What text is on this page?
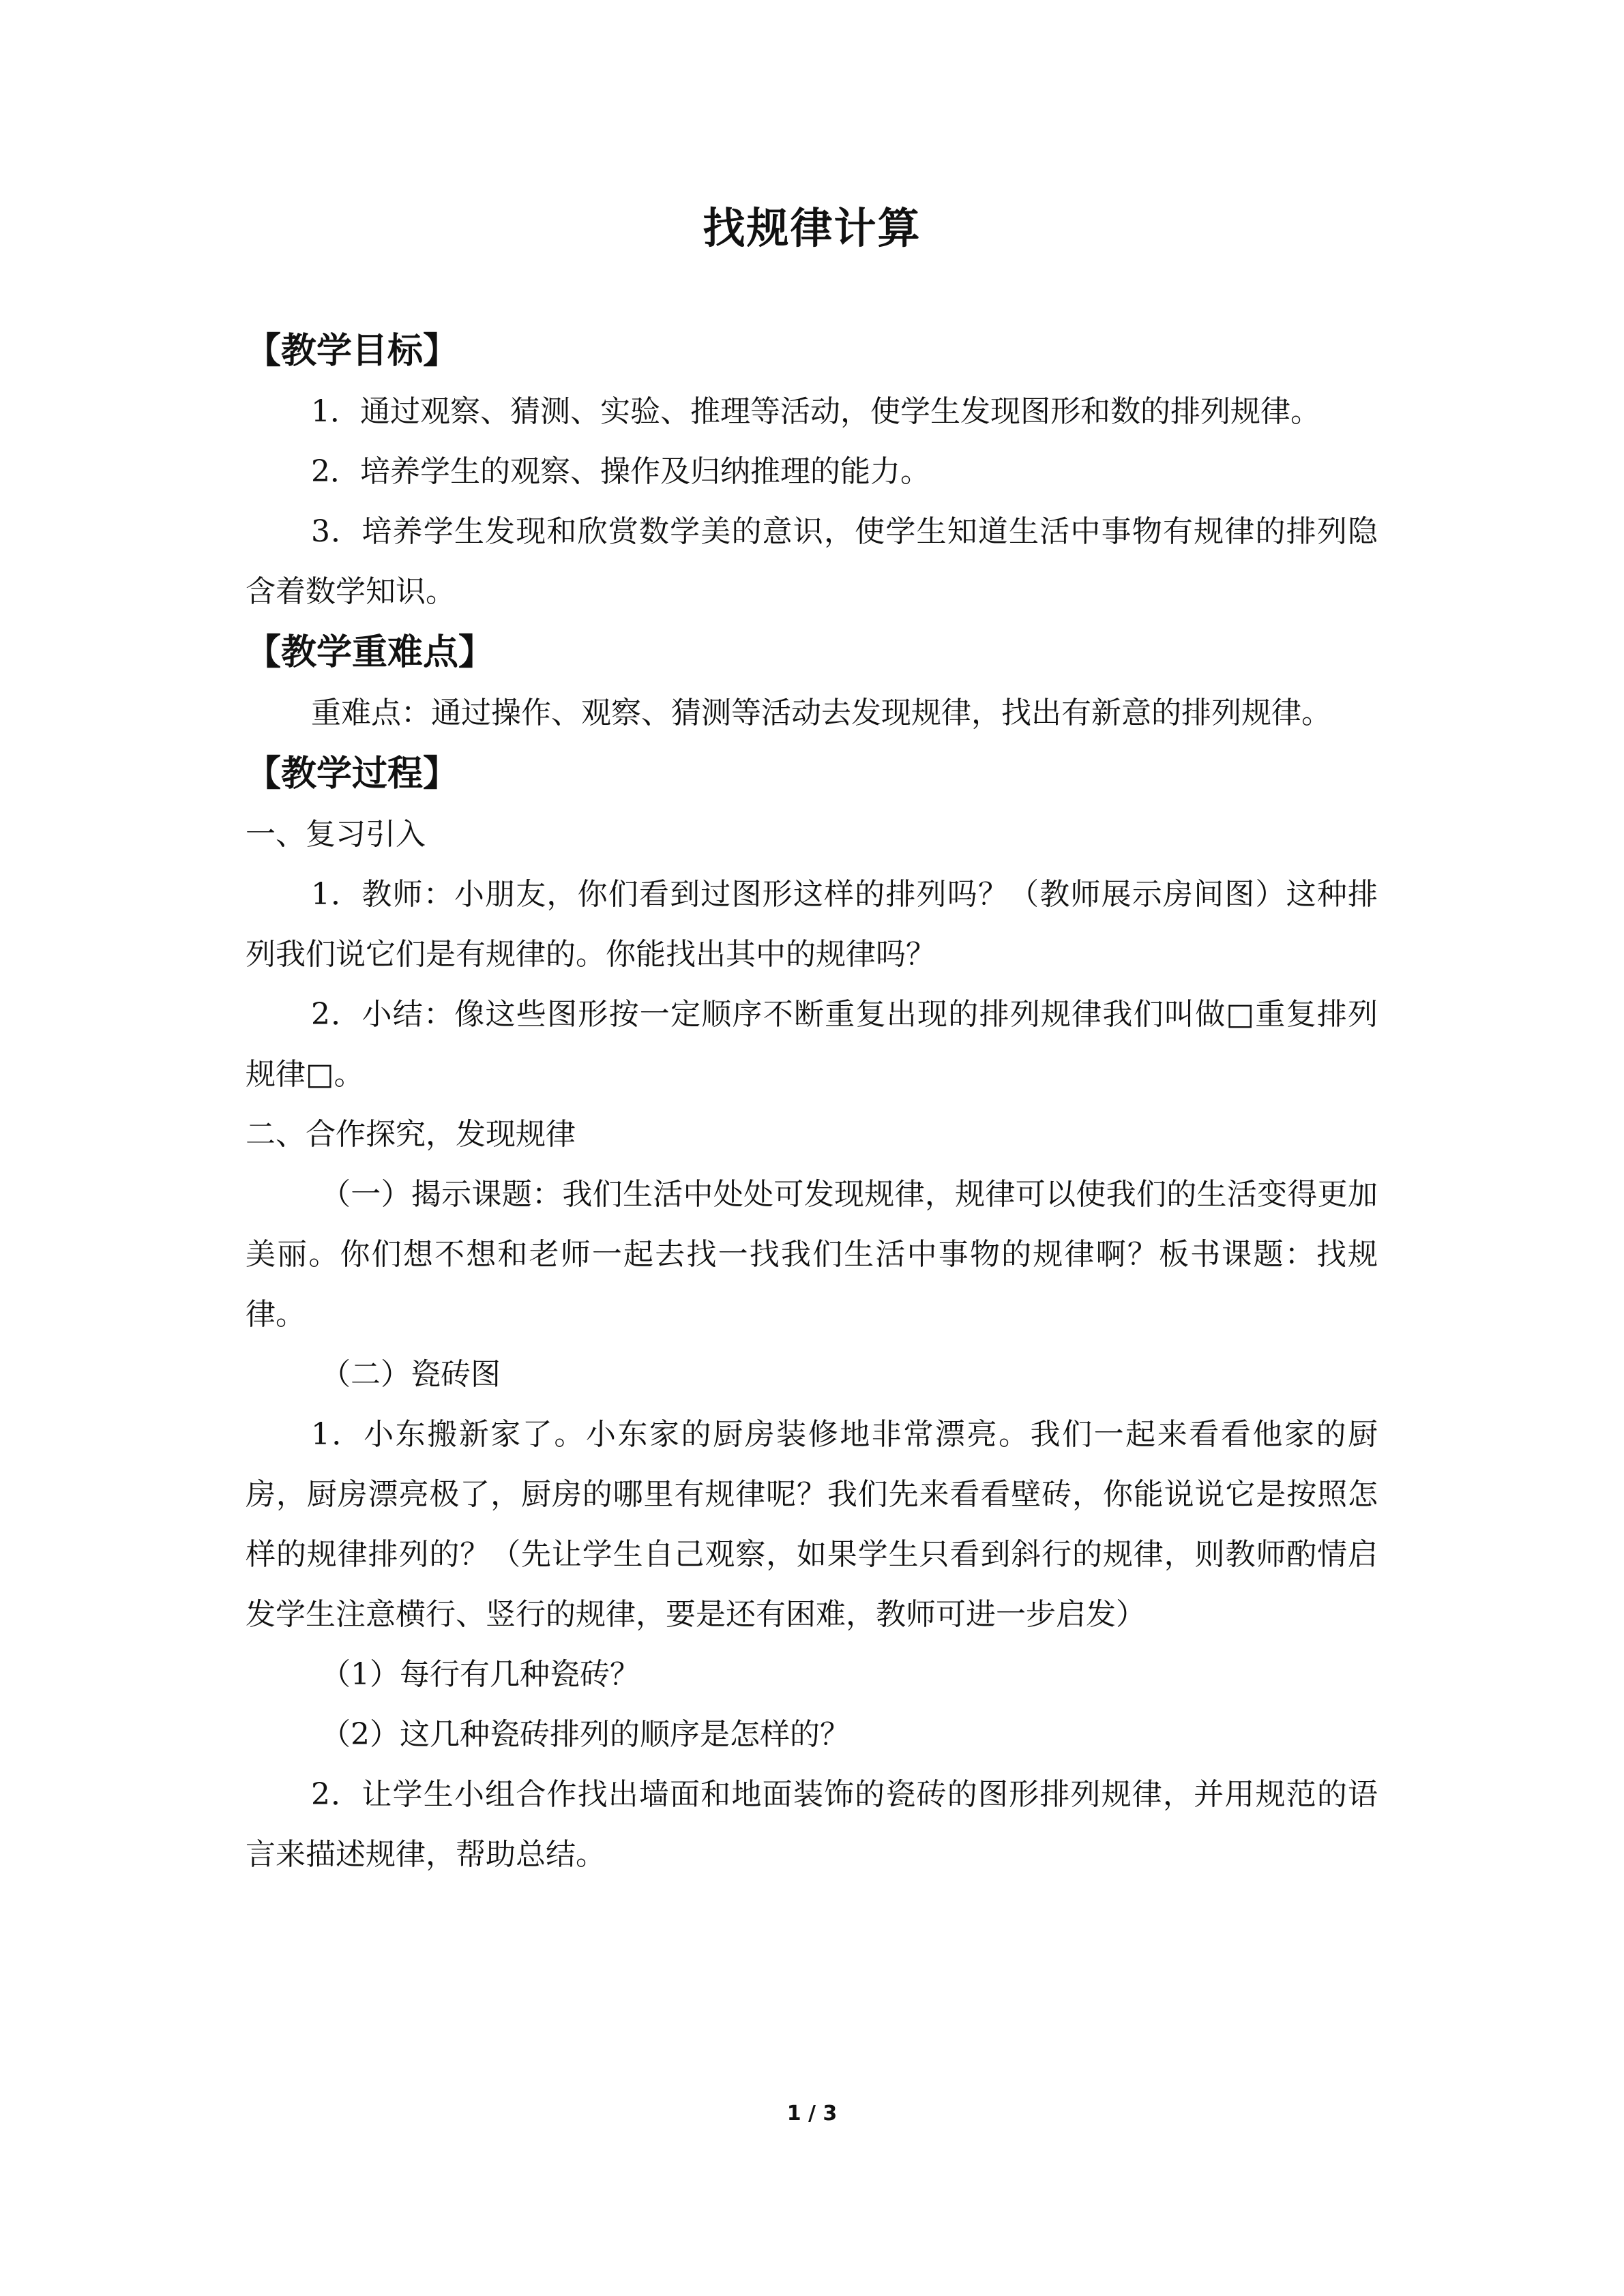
找规律计算

【教学目标】

1．通过观察、猜测、实验、推理等活动，使学生发现图形和数的排列规律。

2．培养学生的观察、操作及归纳推理的能力。

3．培养学生发现和欣赏数学美的意识，使学生知道生活中事物有规律的排列隐含着数学知识。

【教学重难点】

重难点：通过操作、观察、猜测等活动去发现规律，找出有新意的排列规律。

【教学过程】

一、复习引入

1．教师：小朋友，你们看到过图形这样的排列吗？（教师展示房间图）这种排列我们说它们是有规律的。你能找出其中的规律吗？

2．小结：像这些图形按一定顺序不断重复出现的排列规律我们叫做□重复排列规律□。

二、合作探究，发现规律

（一）揭示课题：我们生活中处处可发现规律，规律可以使我们的生活变得更加美丽。你们想不想和老师一起去找一找我们生活中事物的规律啊？板书课题：找规律。

（二）瓷砖图

1．小东搬新家了。小东家的厨房装修地非常漂亮。我们一起来看看他家的厨房，厨房漂亮极了，厨房的哪里有规律呢？我们先来看看壁砖，你能说说它是按照怎样的规律排列的？（先让学生自己观察，如果学生只看到斜行的规律，则教师酌情启发学生注意横行、竖行的规律，要是还有困难，教师可进一步启发）

（1）每行有几种瓷砖？

（2）这几种瓷砖排列的顺序是怎样的？

2．让学生小组合作找出墙面和地面装饰的瓷砖的图形排列规律，并用规范的语言来描述规律，帮助总结。

1 / 3
